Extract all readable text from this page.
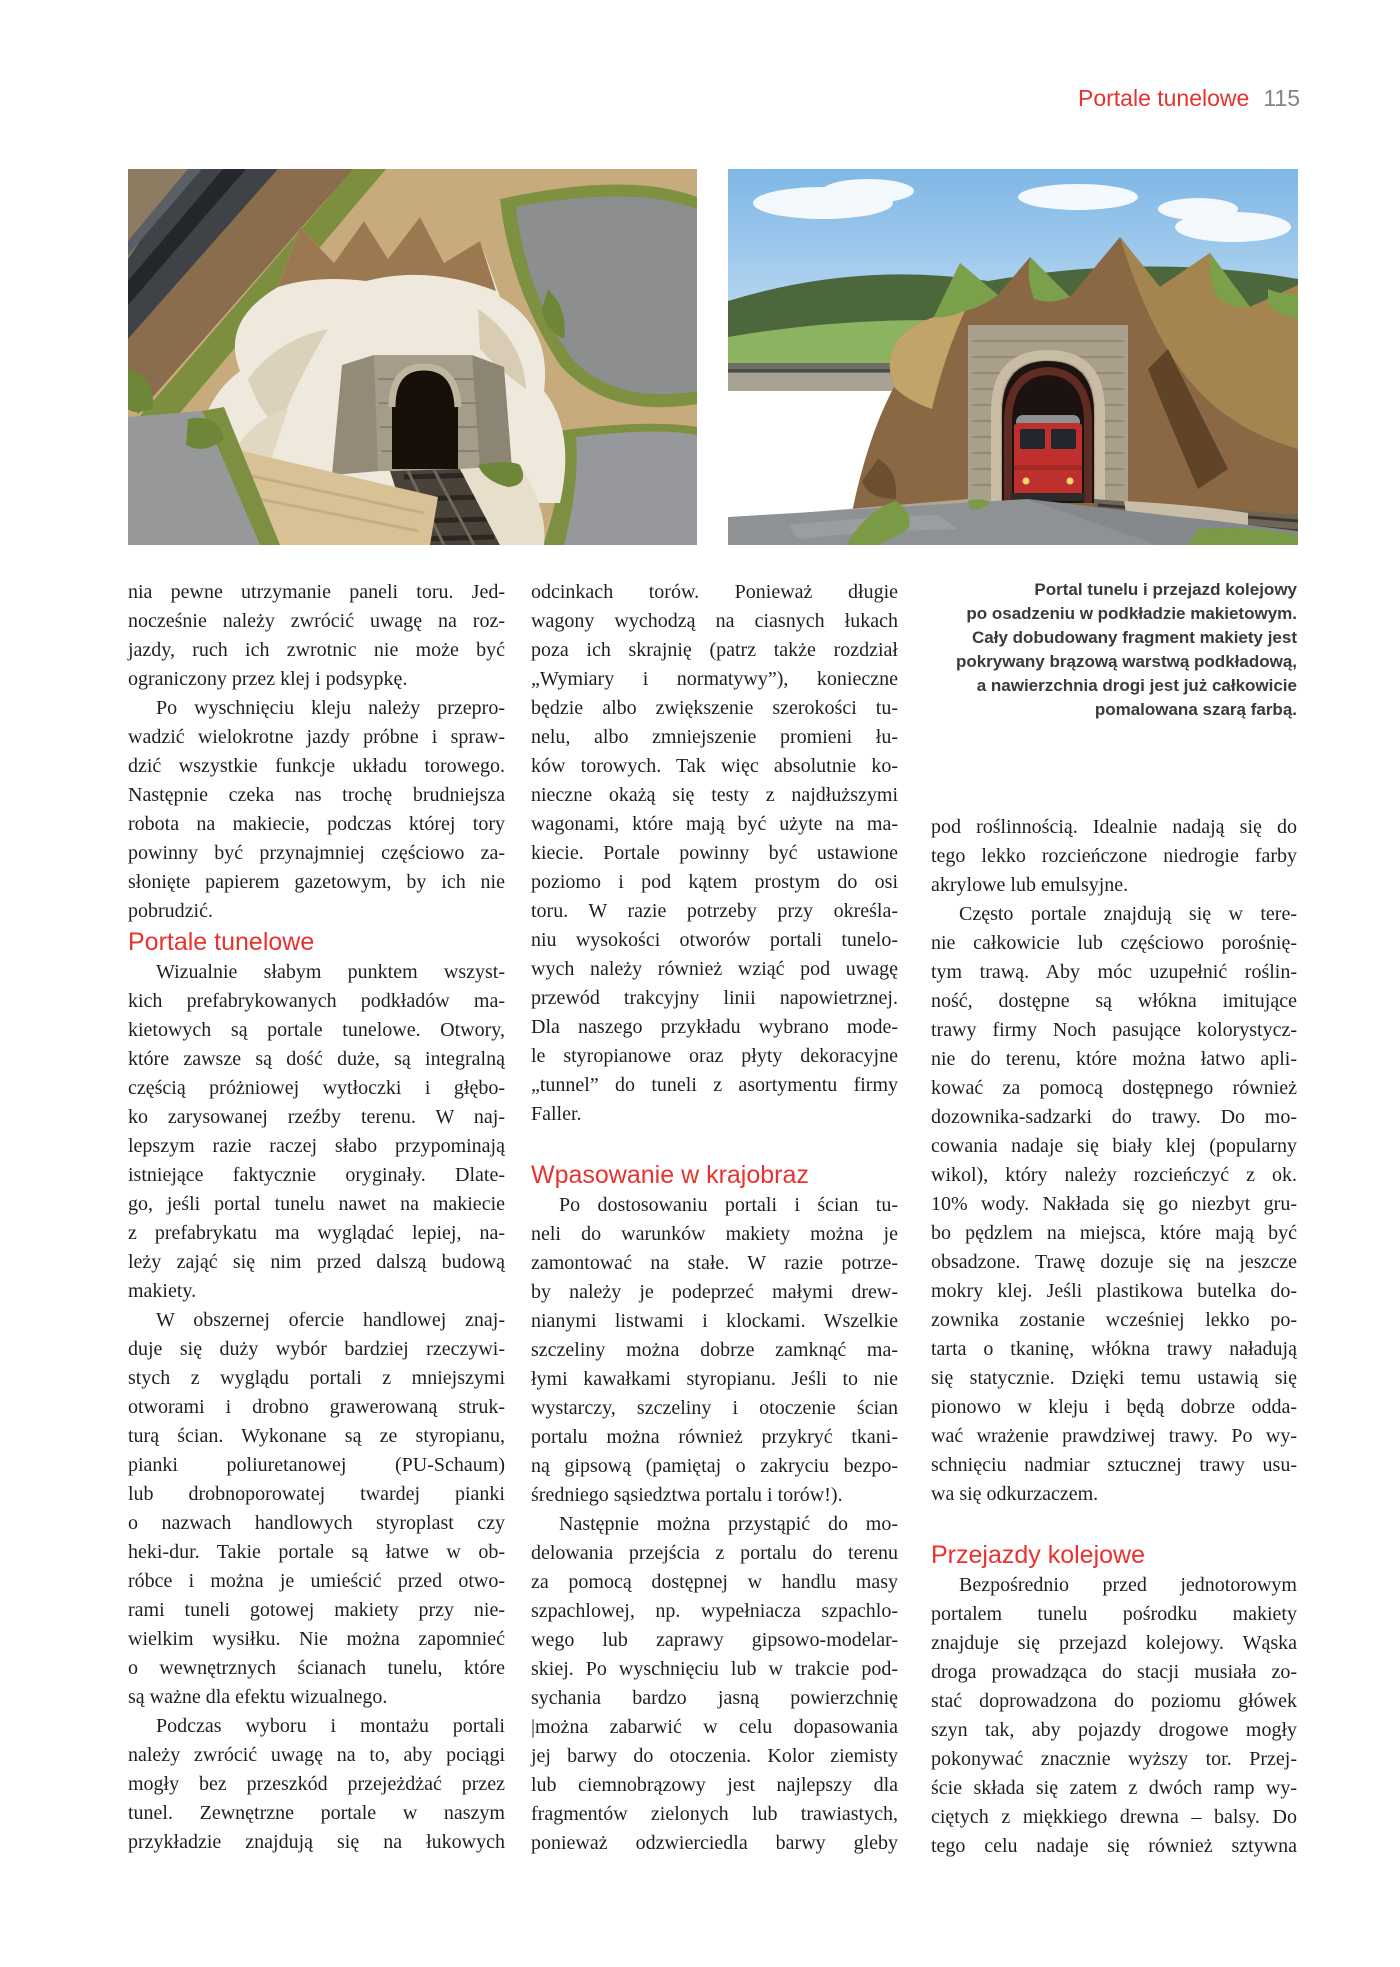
Portale tunelowe 115
nia pewne utrzymanie paneli toru. Jed-
nocześnie należy zwrócić uwagę na roz-
jazdy, ruch ich zwrotnic nie może być
ograniczony przez klej i podsypkę.
Po wyschnięciu kleju należy przepro-
wadzić wielokrotne jazdy próbne i spraw-
dzić wszystkie funkcje układu torowego.
Następnie czeka nas trochę brudniejsza
robota na makiecie, podczas której tory
powinny być przynajmniej częściowo za-
słonięte papierem gazetowym, by ich nie
pobrudzić.
Portale tunelowe
Wizualnie słabym punktem wszyst-
kich prefabrykowanych podkładów ma-
kietowych są portale tunelowe. Otwory,
które zawsze są dość duże, są integralną
częścią próżniowej wytłoczki i głębo-
ko zarysowanej rzeźby terenu. W naj-
lepszym razie raczej słabo przypominają
istniejące faktycznie oryginały. Dlate-
go, jeśli portal tunelu nawet na makiecie
z prefabrykatu ma wyglądać lepiej, na-
leży zająć się nim przed dalszą budową
makiety.
W obszernej ofercie handlowej znaj-
duje się duży wybór bardziej rzeczywi-
stych z wyglądu portali z mniejszymi
otworami i drobno grawerowaną struk-
turą ścian. Wykonane są ze styropianu,
pianki poliuretanowej (PU-Schaum)
lub drobnoporowatej twardej pianki
o nazwach handlowych styroplast czy
heki-dur. Takie portale są łatwe w ob-
róbce i można je umieścić przed otwo-
rami tuneli gotowej makiety przy nie-
wielkim wysiłku. Nie można zapomnieć
o wewnętrznych ścianach tunelu, które
są ważne dla efektu wizualnego.
Podczas wyboru i montażu portali
należy zwrócić uwagę na to, aby pociągi
mogły bez przeszkód przejeżdżać przez
tunel. Zewnętrzne portale w naszym
przykładzie znajdują się na łukowych
odcinkach torów. Ponieważ długie
wagony wychodzą na ciasnych łukach
poza ich skrajnię (patrz także rozdział
„Wymiary i normatywy”), konieczne
będzie albo zwiększenie szerokości tu-
nelu, albo zmniejszenie promieni łu-
ków torowych. Tak więc absolutnie ko-
nieczne okażą się testy z najdłuższymi
wagonami, które mają być użyte na ma-
kiecie. Portale powinny być ustawione
poziomo i pod kątem prostym do osi
toru. W razie potrzeby przy określa-
niu wysokości otworów portali tunelo-
wych należy również wziąć pod uwagę
przewód trakcyjny linii napowietrznej.
Dla naszego przykładu wybrano mode-
le styropianowe oraz płyty dekoracyjne
„tunnel” do tuneli z asortymentu firmy
Faller.
Wpasowanie w krajobraz
Po dostosowaniu portali i ścian tu-
neli do warunków makiety można je
zamontować na stałe. W razie potrze-
by należy je podeprzeć małymi drew-
nianymi listwami i klockami. Wszelkie
szczeliny można dobrze zamknąć ma-
łymi kawałkami styropianu. Jeśli to nie
wystarczy, szczeliny i otoczenie ścian
portalu można również przykryć tkani-
ną gipsową (pamiętaj o zakryciu bezpo-
średniego sąsiedztwa portalu i torów!).
Następnie można przystąpić do mo-
delowania przejścia z portalu do terenu
za pomocą dostępnej w handlu masy
szpachlowej, np. wypełniacza szpachlo-
wego lub zaprawy gipsowo-modelar-
skiej. Po wyschnięciu lub w trakcie pod-
sychania bardzo jasną powierzchnię
|można zabarwić w celu dopasowania
jej barwy do otoczenia. Kolor ziemisty
lub ciemnobrązowy jest najlepszy dla
fragmentów zielonych lub trawiastych,
ponieważ odzwierciedla barwy gleby
Portal tunelu i przejazd kolejowy
po osadzeniu w podkładzie makietowym.
Cały dobudowany fragment makiety jest
pokrywany brązową warstwą podkładową,
a nawierzchnia drogi jest już całkowicie
pomalowana szarą farbą.
pod roślinnością. Idealnie nadają się do
tego lekko rozcieńczone niedrogie farby
akrylowe lub emulsyjne.
Często portale znajdują się w tere-
nie całkowicie lub częściowo porośnię-
tym trawą. Aby móc uzupełnić roślin-
ność, dostępne są włókna imitujące
trawy firmy Noch pasujące kolorystycz-
nie do terenu, które można łatwo apli-
kować za pomocą dostępnego również
dozownika-sadzarki do trawy. Do mo-
cowania nadaje się biały klej (popularny
wikol), który należy rozcieńczyć z ok.
10% wody. Nakłada się go niezbyt gru-
bo pędzlem na miejsca, które mają być
obsadzone. Trawę dozuje się na jeszcze
mokry klej. Jeśli plastikowa butelka do-
zownika zostanie wcześniej lekko po-
tarta o tkaninę, włókna trawy naładują
się statycznie. Dzięki temu ustawią się
pionowo w kleju i będą dobrze odda-
wać wrażenie prawdziwej trawy. Po wy-
schnięciu nadmiar sztucznej trawy usu-
wa się odkurzaczem.
Przejazdy kolejowe
Bezpośrednio przed jednotorowym
portalem tunelu pośrodku makiety
znajduje się przejazd kolejowy. Wąska
droga prowadząca do stacji musiała zo-
stać doprowadzona do poziomu główek
szyn tak, aby pojazdy drogowe mogły
pokonywać znacznie wyższy tor. Przej-
ście składa się zatem z dwóch ramp wy-
ciętych z miękkiego drewna – balsy. Do
tego celu nadaje się również sztywna
